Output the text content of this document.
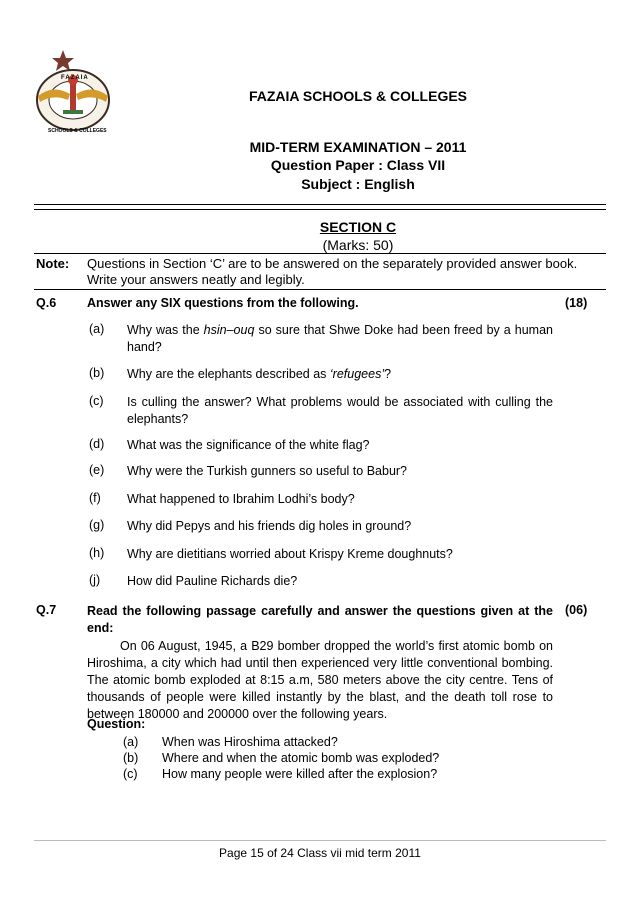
FAZAIA
SCHOOLS & COLLEGES
FAZAIA SCHOOLS & COLLEGES
MID-TERM EXAMINATION – 2011
Question Paper : Class VII
Subject : English
SECTION C
(Marks: 50)
Note: Questions in Section ‘C’ are to be answered on the separately provided answer book.
Write your answers neatly and legibly.
Q.6 Answer any SIX questions from the following.	(18)
(a) Why was the hsin–ouq so sure that Shwe Doke had been freed by a human hand?
(b) Why are the elephants described as ‘refugees’?
(c) Is culling the answer? What problems would be associated with culling the elephants?
(d) What was the significance of the white flag?
(e) Why were the Turkish gunners so useful to Babur?
(f) What happened to Ibrahim Lodhi’s body?
(g) Why did Pepys and his friends dig holes in ground?
(h) Why are dietitians worried about Krispy Kreme doughnuts?
(j) How did Pauline Richards die?
Q.7 Read the following passage carefully and answer the questions given at the end:
(06)
On 06 August, 1945, a B29 bomber dropped the world’s first atomic bomb on Hiroshima, a city which had until then experienced very little conventional bombing. The atomic bomb exploded at 8:15 a.m, 580 meters above the city centre. Tens of thousands of people were killed instantly by the blast, and the death toll rose to between 180000 and 200000 over the following years.
Question:
(a) When was Hiroshima attacked?
(b) Where and when the atomic bomb was exploded?
(c) How many people were killed after the explosion?
Page 15 of 24 Class vii mid term 2011
